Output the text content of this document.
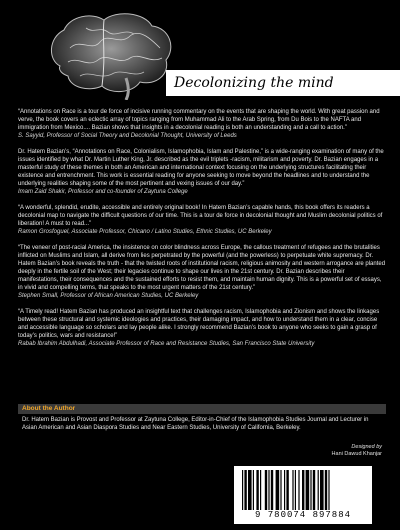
Decolonizing the mind

“Annotations on Race is a tour de force of incisive running commentary on the events that are shaping the world. With great passion and verve, the book covers an eclectic array of topics ranging from Muhammad Ali to the Arab Spring, from Du Bois to the NAFTA and immigration from Mexico.... Bazian shows that insights in a decolonial reading is both an understanding and a call to action.”

S. Sayyid, Professor of Social Theory and Decolonial Thought, University of Leeds

Dr. Hatem Bazian’s, “Annotations on Race, Colonialism, Islamophobia, Islam and Palestine,” is a wide-ranging examination of many of the issues identified by what Dr. Martin Luther King, Jr. described as the evil triplets -racism, militarism and poverty. Dr. Bazian engages in a masterful study of these themes in both an American and international context focusing on the underlying structures facilitating their existence and entrenchment. This work is essential reading for anyone seeking to move beyond the headlines and to understand the underlying realities shaping some of the most pertinent and vexing issues of our day.”

Imam Zaid Shakir, Professor and co-founder of Zaytuna College

“A wonderful, splendid, erudite, accessible and entirely original book! In Hatem Bazian’s capable hands, this book offers its readers a decolonial map to navigate the difficult questions of our time. This is a tour de force in decolonial thought and Muslim decolonial politics of liberation! A must to read...”

Ramon Grosfoguel, Associate Professor, Chicano / Latino Studies, Ethnic Studies, UC Berkeley

“The veneer of post-racial America, the insistence on color blindness across Europe, the callous treatment of refugees and the brutalities inflicted on Muslims and Islam, all derive from lies perpetrated by the powerful (and the powerless) to perpetuate white supremacy. Dr. Hatem Bazian’s book reveals the truth - that the twisted roots of institutional racism, religious animosity and western arrogance are planted deeply in the fertile soil of the West; their legacies continue to shape our lives in the 21st century. Dr. Bazian describes their manifestations, their consequences and the sustained efforts to resist them, and maintain human dignity. This is a powerful set of essays, in vivid and compelling terms, that speaks to the most urgent matters of the 21st century.”

Stephen Small, Professor of African American Studies, UC Berkeley

“A Timely read! Hatem Bazian has produced an insightful text that challenges racism, Islamophobia and Zionism and shows the linkages between these structural and systemic ideologies and practices, their damaging impact, and how to understand them in a clear, concise and accessible language so scholars and lay people alike. I strongly recommend Bazian’s book to anyone who seeks to gain a grasp of today’s politics, wars and resistance!”

Rabab Ibrahim Abdulhadi, Associate Professor of Race and Resistance Studies, San Francisco State University

About the Author
Dr. Hatem Bazian is Provost and Professor at Zaytuna College, Editor-in-Chief of the Islamophobia Studies Journal and Lecturer in Asian American and Asian Diaspora Studies and Near Eastern Studies, University of California, Berkeley.
Designed by
Hani Dawud Khanjar
9 780074 897884
